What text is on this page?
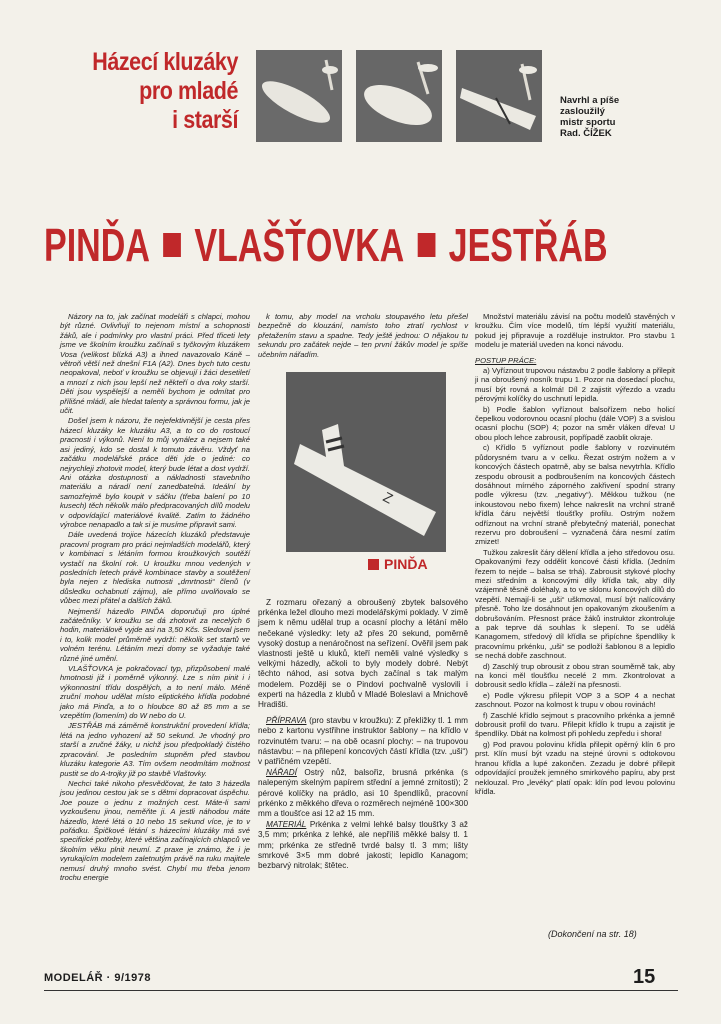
Házecí kluzáky
pro mladé
i starší
Navrhl a píše
zasloužilý
mistr sportu
Rad. ČÍŽEK
PINĎA VLAŠŤOVKA JESTŘÁB

Názory na to, jak začínat modeláři s chlapci, mohou být různé. Ovlivňují to nejenom místní a schopnosti žáků, ale i podmínky pro vlastní práci. Před třiceti lety jsme ve školním kroužku začínali s tyčkovým kluzákem Vosa (velikost blízká A3) a ihned navazovalo Káně – větroň větší než dnešní F1A (A2). Dnes bych tuto cestu neopakoval, neboť v kroužku se objevují i žáci desetiletí a mnozí z nich jsou lepší než někteří o dva roky starší. Děti jsou vyspělejší a neměli bychom je odmítat pro přílišné mládí, ale hledat talenty a správnou formu, jak je učit.

Došel jsem k názoru, že nejefektivnější je cesta přes házecí kluzáky ke kluzáku A3, a to co do rostoucí pracnosti i výkonů. Není to můj vynález a nejsem také asi jediný, kdo se dostal k tomuto závěru. Vždyť na začátku modelářské práce děti jde o jediné: co nejrychleji zhotovit model, který bude létat a dost vydrží. Ani otázka dostupnosti a nákladnosti stavebního materiálu a náradí není zanedbatelná. Ideální by samozřejmě bylo koupit v sáčku (třeba balení po 10 kusech) těch několik málo předpracovaných dílů modelu v odpovídající materiálové kvalitě. Zatím to žádného výrobce nenapadlo a tak si je musíme připravit sami.

Dále uvedená trojice házecích kluzáků představuje pracovní program pro práci nejmladších modelářů, který v kombinaci s létáním formou kroužkových soutěží vystačí na školní rok. U kroužku mnou vedených v posledních letech právě kombinace stavby a soutěžení byla nejen z hlediska nutnosti „dmrtnosti“ členů (v důsledku ochabnutí zájmu), ale přímo uvolňovalo se vůbec mezi přátel a dalších žáků.

Nejmenší házedlo PINĎA doporučuji pro úplné začátečníky. V kroužku se dá zhotovit za necelých 6 hodin, materiálově vyjde asi na 3,50 Kčs. Sledoval jsem i to, kolik model průměrně vydrží: několik set startů ve volném terénu. Létáním mezi domy se vyžaduje také různé jiné umění.

VLAŠŤOVKA je pokračovací typ, přizpůsobení malé hmotnosti již i poměrně výkonný. Lze s ním pinit i i výkonnostní třídu dospělých, a to není málo. Méně zruční mohou udělat místo eliptického křídla podobné jako má Pinďa, a to o hloubce 80 až 85 mm a se vzepětím (lomením) do W nebo do U.

JESTŘÁB má záměrně konstrukční provedení křídla; létá na jedno vyhození až 50 sekund. Je vhodný pro starší a zručné žáky, u nichž jsou předpokladý čistého zpracování. Je posledním stupněm před stavbou kluzáku kategorie A3. Tím ovšem neodmítám možnost pustit se do A-trojky již po stavbě Vlaštovky.

Nechci také nikoho přesvědčovat, že tato 3 házedla jsou jedinou cestou jak se s dětmi dopracovat úspěchu. Joe pouze o jednu z možných cest. Máte-li sami vyzkoušenu jinou, neměňte ji. A jestli náhodou máte házedlo, které létá o 10 nebo 15 sekund více, je to v pořádku. Špičkové létání s házecími kluzáky má své specifické potřeby, které většina začínajících chlapců ve školním věku plnit neumí. Z praxe je známo, že i je vyrukajícím modelem zaletnutým právě na ruku majitele nemusí druhý mnoho svést. Chybí mu třeba jenom trochu energie

k tomu, aby model na vrcholu stoupavého letu přešel bezpečně do klouzání, namísto toho ztratí rychlost v přetažením stavu a spadne. Tedy ještě jednou: O nějakou tu sekundu pro začátek nejde – ten první žákův model je spíše učebním nářadím.

Z
PINĎA

Z rozmaru ořezaný a obroušený zbytek balsového prkénka ležel dlouho mezi modelářskými poklady. V zimě jsem k němu udělal trup a ocasní plochy a létání mělo nečekané výsledky: lety až přes 20 sekund, poměrně vysoký dostup a nenáročnost na seřízení. Ověřil jsem pak vlastnosti ještě u kluků, kteří neměli valné výsledky s velkými házedly, ačkoli to byly modely dobré. Nebýt těchto náhod, asi sotva bych začínal s tak malým modelem. Později se o Pindovi pochvalně vyslovili i experti na házedla z klubů v Mladé Boleslavi a Mnichově Hradišti.

PŘÍPRAVA (pro stavbu v kroužku): Z překližky tl. 1 mm nebo z kartonu vystřihne instruktor šablony – na křídlo v rozvinutém tvaru: – na obě ocasní plochy: – na trupovou nástavbu: – na přilepení koncových částí křídla (tzv. „uši“) v patřičném vzepětí.

NÁŘADÍ Ostrý nůž, balsořiz, brusná prkénka (s nalepeným skelným papírem střední a jemné zrnitosti); 2 pérové kolíčky na prádlo, asi 10 špendlíků, pracovní prkénko z měkkého dřeva o rozměrech nejméně 100×300 mm a tloušťce asi 12 až 15 mm.

MATERIÁL Prkénka z velmi lehké balsy tloušťky 3 až 3,5 mm; prkénka z lehké, ale nepříliš měkké balsy tl. 1 mm; prkénka ze středně tvrdé balsy tl. 3 mm; lišty smrkové 3×5 mm dobré jakosti; lepidlo Kanagom; bezbarvý nitrolak; štětec.

Množství materiálu závisí na počtu modelů stavěných v kroužku. Čím více modelů, tím lépší využití materiálu, pokud jej připravuje a rozděluje instruktor. Pro stavbu 1 modelu je materiál uveden na konci návodu.

POSTUP PRÁCE:

a) Vyříznout trupovou nástavbu 2 podle šablony a přilepit ji na obroušený nosník trupu 1. Pozor na dosedací plochu, musí být rovná a kolmá! Díl 2 zajistit výřezdo a vzadu pérovými kolíčky do uschnutí lepidla.

b) Podle šablon vyříznout balsořízem nebo holicí čepelkou vodorovnou ocasní plochu (dále VOP) 3 a svislou ocasní plochu (SOP) 4; pozor na směr vláken dřeva! U obou ploch lehce zabrousit, popřípadě zaoblit okraje.

c) Křídlo 5 vyříznout podle šablony v rozvinutém půdorysném tvaru a v celku. Řezat ostrým nožem a v koncových částech opatrně, aby se balsa nevytrhla. Křídlo zespodu obrousit a podbroušením na koncových částech dosáhnout mírného záporného zakřivení spodní strany podle výkresu (tzv. „negativy“). Měkkou tužkou (ne inkoustovou nebo fixem) lehce nakreslit na vrchní straně křídla čáru největší tloušťky profilu. Ostrým nožem odříznout na vrchní straně přebytečný materiál, ponechat rezervu pro dobroušení – vyznačená čára nesmí zatím zmizet!

Tužkou zakreslit čáry dělení křídla a jeho středovou osu. Opakovanými řezy oddělit koncové části křídla. (Jedním řezem to nejde – balsa se trhá). Zabrousit stykové plochy mezi středním a koncovými díly křídla tak, aby díly vzájemně těsně doléhaly, a to ve sklonu koncových dílů do vzepětí. Nemají-li se „uši“ uškmoval, musí být nalícovány přesně. Toho lze dosáhnout jen opakovaným zkoušením a dobrušováním. Přesnost práce žáků instruktor zkontroluje a pak teprve dá souhlas k slepení. To se udělá Kanagomem, středový díl křídla se připíchne špendlíky k pracovnímu prkénku, „uši“ se podloží šablonou 8 a lepidlo se nechá dobře zaschnout.

d) Zaschlý trup obrousit z obou stran souměrně tak, aby na konci měl tloušťku necelé 2 mm. Zkontrolovat a dobrousit sedlo křídla – záleží na přesnosti.

e) Podle výkresu přilepit VOP 3 a SOP 4 a nechat zaschnout. Pozor na kolmost k trupu v obou rovinách!

f) Zaschlé křídlo sejmout s pracovního prkénka a jemně dobrousit profil do tvaru. Přilepit křídlo k trupu a zajistit je špendlíky. Dbát na kolmost při pohledu zepředu i shora!

g) Pod pravou polovinu křídla přilepit opěrný klín 6 pro prst. Klín musí být vzadu na stejné úrovni s odtokovou hranou křídla a lupé zakončen. Zezadu je dobré přilepit odpovídající proužek jemného smirkového papíru, aby prst neklouzal. Pro „levéky“ platí opak: klín pod levou polovinu křídla.

(Dokončení na str. 18)
MODELÁŘ · 9/1978	15
